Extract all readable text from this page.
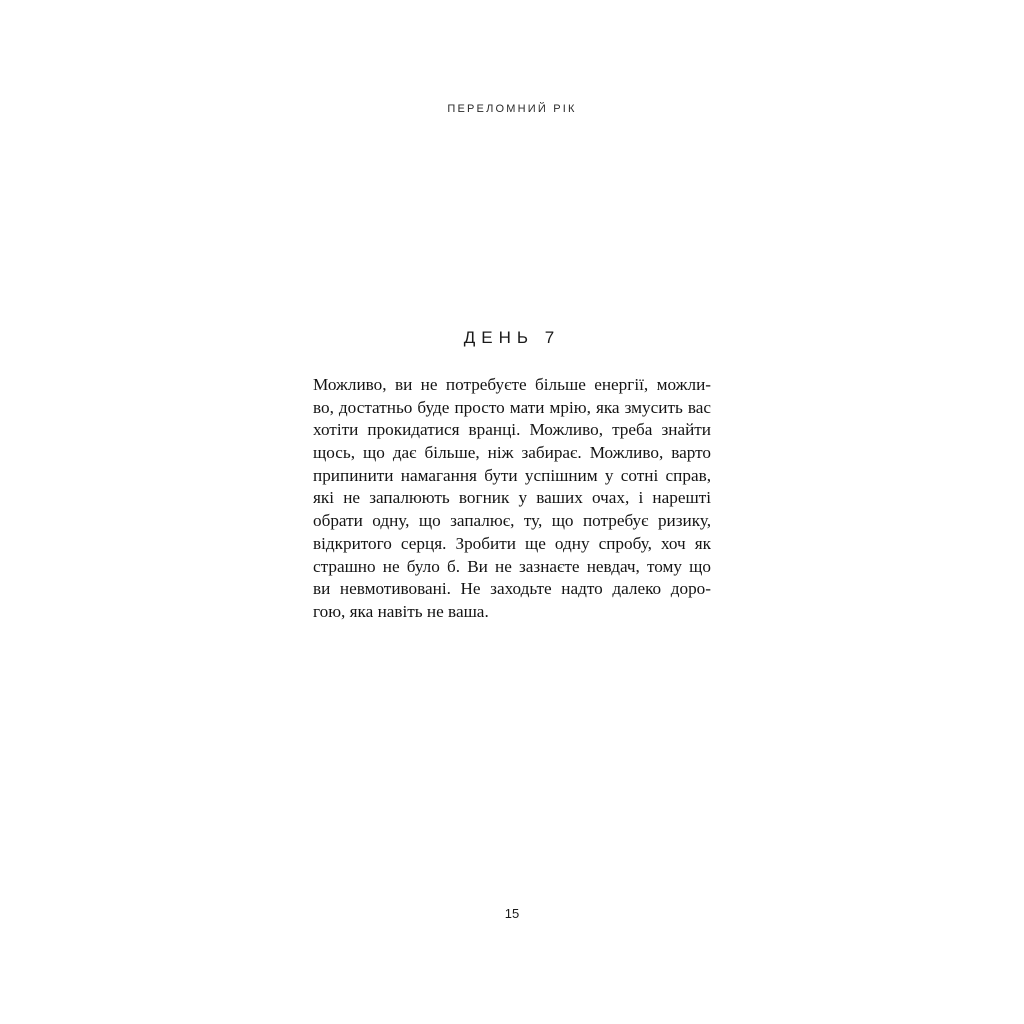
ПЕРЕЛОМНИЙ РІК
ДЕНЬ 7

Можливо, ви не потребуєте більше енергії, можли-
во, достатньо буде просто мати мрію, яка змусить вас
хотіти прокидатися вранці. Можливо, треба знайти
щось, що дає більше, ніж забирає. Можливо, варто
припинити намагання бути успішним у сотні справ,
які не запалюють вогник у ваших очах, і нарешті
обрати одну, що запалює, ту, що потребує ризику,
відкритого серця. Зробити ще одну спробу, хоч як
страшно не було б. Ви не зазнаєте невдач, тому що
ви невмотивовані. Не заходьте надто далеко доро-
гою, яка навіть не ваша.

15
